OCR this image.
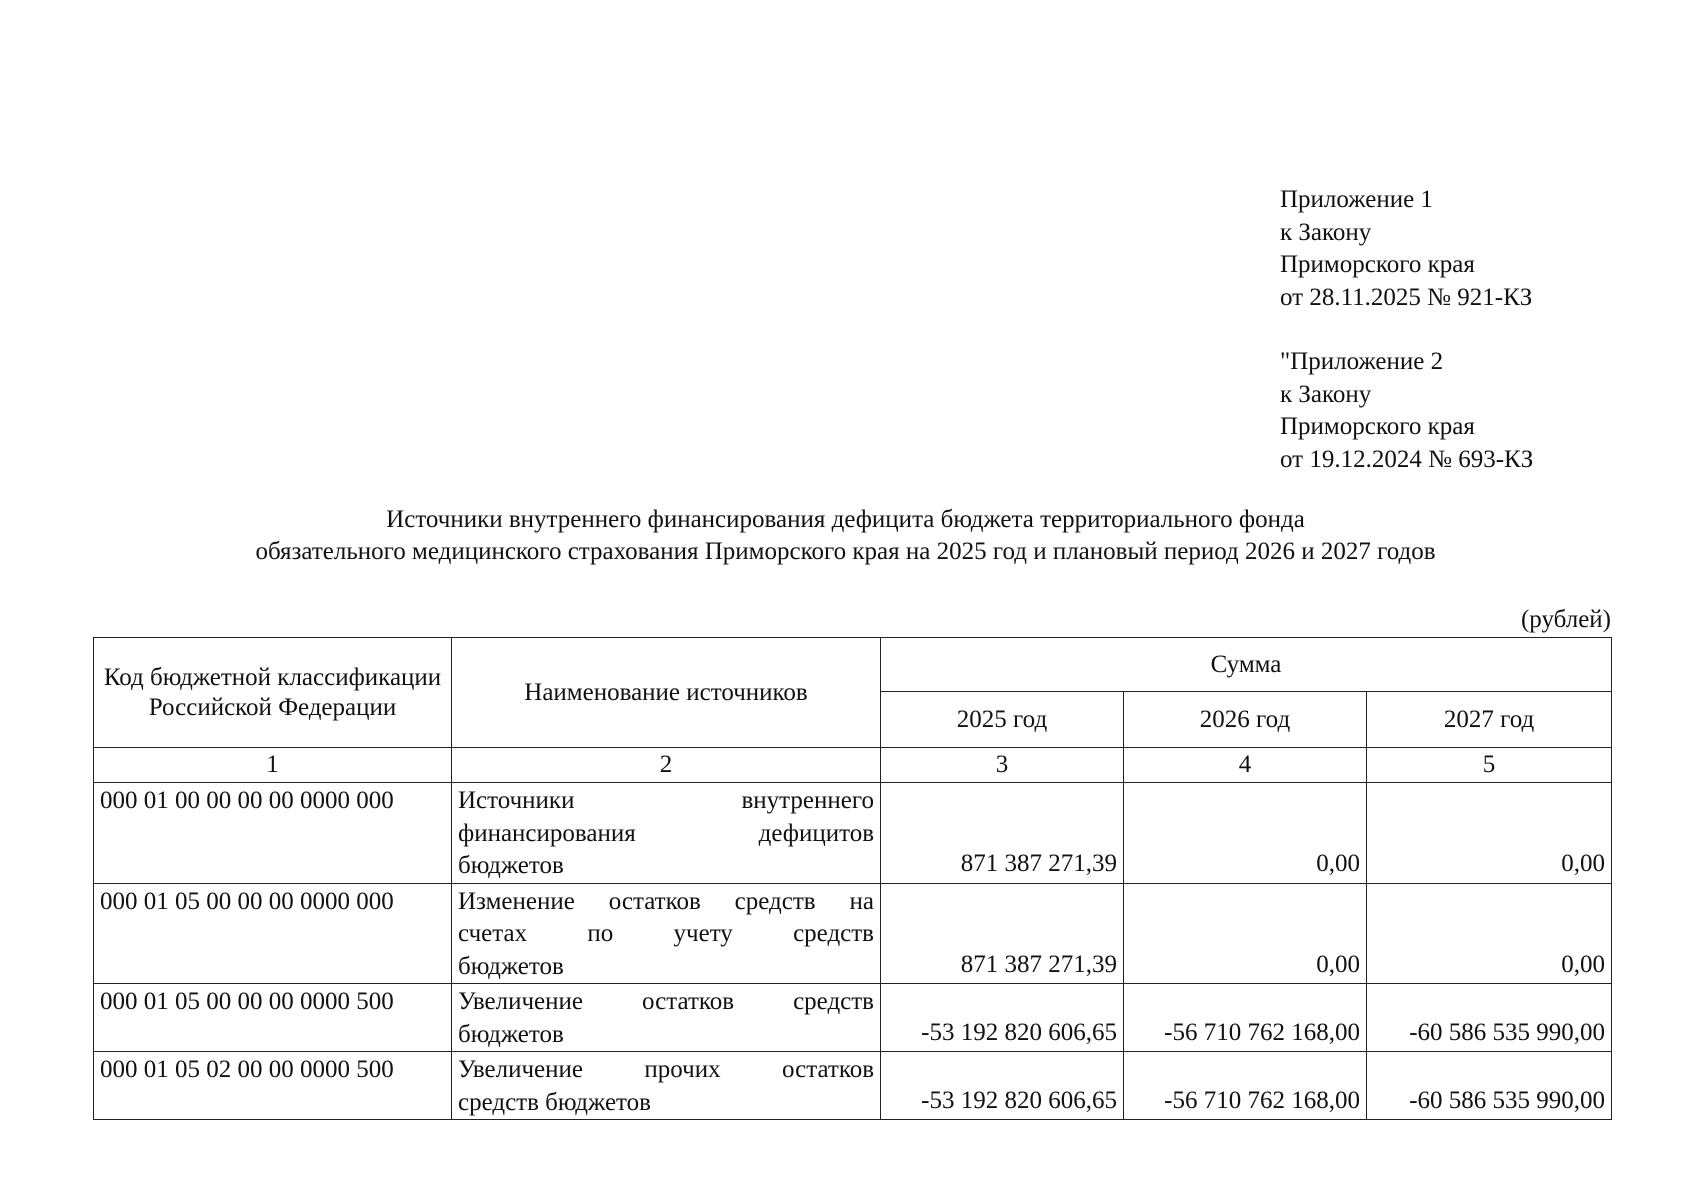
Приложение 1
к Закону
Приморского края
от 28.11.2025 № 921-КЗ
"Приложение 2
к Закону
Приморского края
от 19.12.2024 № 693-КЗ
Источники внутреннего финансирования дефицита бюджета территориального фонда
обязательного медицинского страхования Приморского края на 2025 год и плановый период 2026 и 2027 годов
(рублей)
Код бюджетной классификации Российской Федерации	Наименование источников	Сумма		
		2025 год	2026 год	2027 год
1	2	3	4	5
000 01 00 00 00 00 0000 000	Источники внутреннего
финансирования дефицитов
бюджетов	871 387 271,39	0,00	0,00
000 01 05 00 00 00 0000 000	Изменение остатков средств на
счетах по учету средств
бюджетов	871 387 271,39	0,00	0,00
000 01 05 00 00 00 0000 500	Увеличение остатков средств
бюджетов	-53 192 820 606,65	-56 710 762 168,00	-60 586 535 990,00
000 01 05 02 00 00 0000 500	Увеличение прочих остатков
средств бюджетов	-53 192 820 606,65	-56 710 762 168,00	-60 586 535 990,00
